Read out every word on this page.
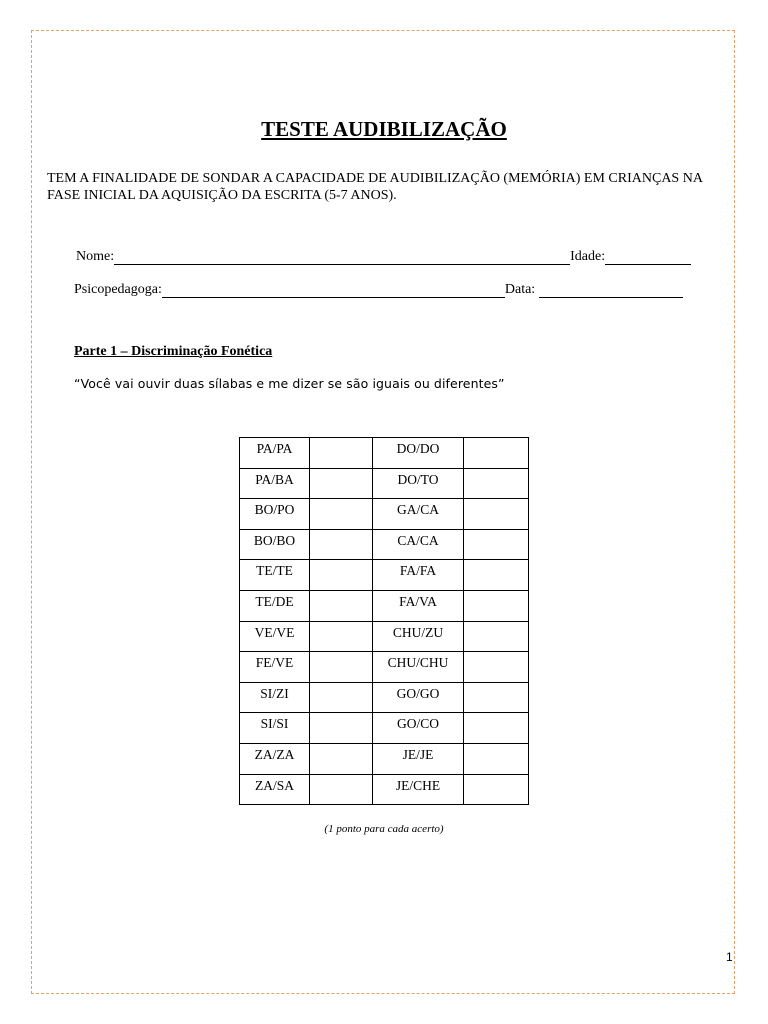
TESTE AUDIBILIZAÇÃO
TEM A FINALIDADE DE SONDAR A CAPACIDADE DE AUDIBILIZAÇÃO (MEMÓRIA) EM CRIANÇAS NA
FASE INICIAL DA AQUISIÇÃO DA ESCRITA (5-7 ANOS).
Nome:	Idade:
Psicopedagoga:	Data:
Parte 1 – Discriminação Fonética
“Você vai ouvir duas sílabas e me dizer se são iguais ou diferentes”
PA/PA		DO/DO	
PA/BA		DO/TO	
BO/PO		GA/CA	
BO/BO		CA/CA	
TE/TE		FA/FA	
TE/DE		FA/VA	
VE/VE		CHU/ZU	
FE/VE		CHU/CHU	
SI/ZI		GO/GO	
SI/SI		GO/CO	
ZA/ZA		JE/JE	
ZA/SA		JE/CHE	
(1 ponto para cada acerto)
1
